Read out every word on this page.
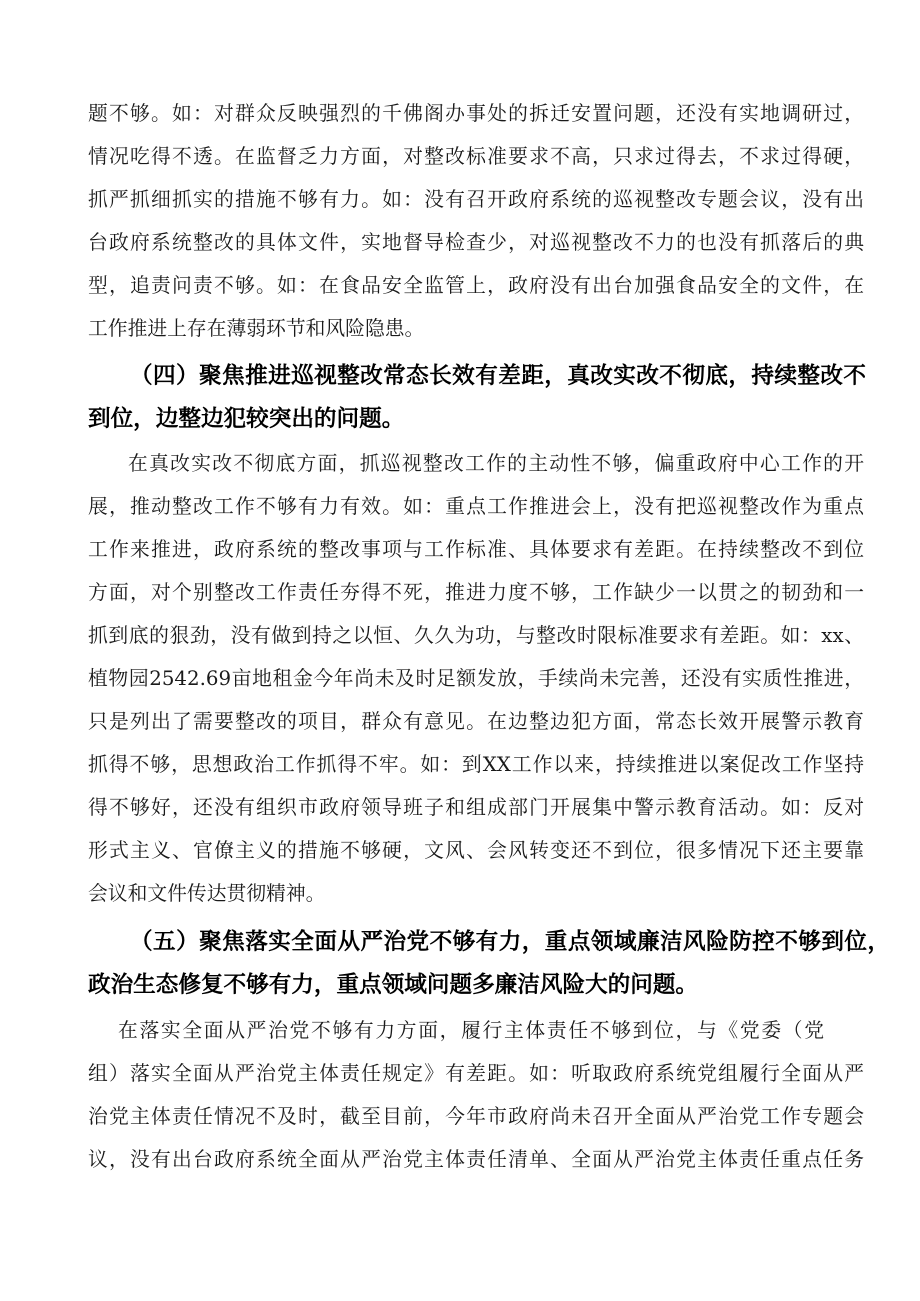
题不够。如：对群众反映强烈的千佛阁办事处的拆迁安置问题，还没有实地调研过，

情况吃得不透。在监督乏力方面，对整改标准要求不高，只求过得去，不求过得硬，

抓严抓细抓实的措施不够有力。如：没有召开政府系统的巡视整改专题会议，没有出

台政府系统整改的具体文件，实地督导检查少，对巡视整改不力的也没有抓落后的典

型，追责问责不够。如：在食品安全监管上，政府没有出台加强食品安全的文件，在

工作推进上存在薄弱环节和风险隐患。

（四）聚焦推进巡视整改常态长效有差距，真改实改不彻底，持续整改不

到位，边整边犯较突出的问题。

在真改实改不彻底方面，抓巡视整改工作的主动性不够，偏重政府中心工作的开

展，推动整改工作不够有力有效。如：重点工作推进会上，没有把巡视整改作为重点

工作来推进，政府系统的整改事项与工作标准、具体要求有差距。在持续整改不到位

方面，对个别整改工作责任夯得不死，推进力度不够，工作缺少一以贯之的韧劲和一

抓到底的狠劲，没有做到持之以恒、久久为功，与整改时限标准要求有差距。如：xx、

植物园2542.69亩地租金今年尚未及时足额发放，手续尚未完善，还没有实质性推进，

只是列出了需要整改的项目，群众有意见。在边整边犯方面，常态长效开展警示教育

抓得不够，思想政治工作抓得不牢。如：到XX工作以来，持续推进以案促改工作坚持

得不够好，还没有组织市政府领导班子和组成部门开展集中警示教育活动。如：反对

形式主义、官僚主义的措施不够硬，文风、会风转变还不到位，很多情况下还主要靠

会议和文件传达贯彻精神。

（五）聚焦落实全面从严治党不够有力，重点领域廉洁风险防控不够到位，

政治生态修复不够有力，重点领域问题多廉洁风险大的问题。

在落实全面从严治党不够有力方面，履行主体责任不够到位，与《党委（党

组）落实全面从严治党主体责任规定》有差距。如：听取政府系统党组履行全面从严

治党主体责任情况不及时，截至目前，今年市政府尚未召开全面从严治党工作专题会

议，没有出台政府系统全面从严治党主体责任清单、全面从严治党主体责任重点任务
